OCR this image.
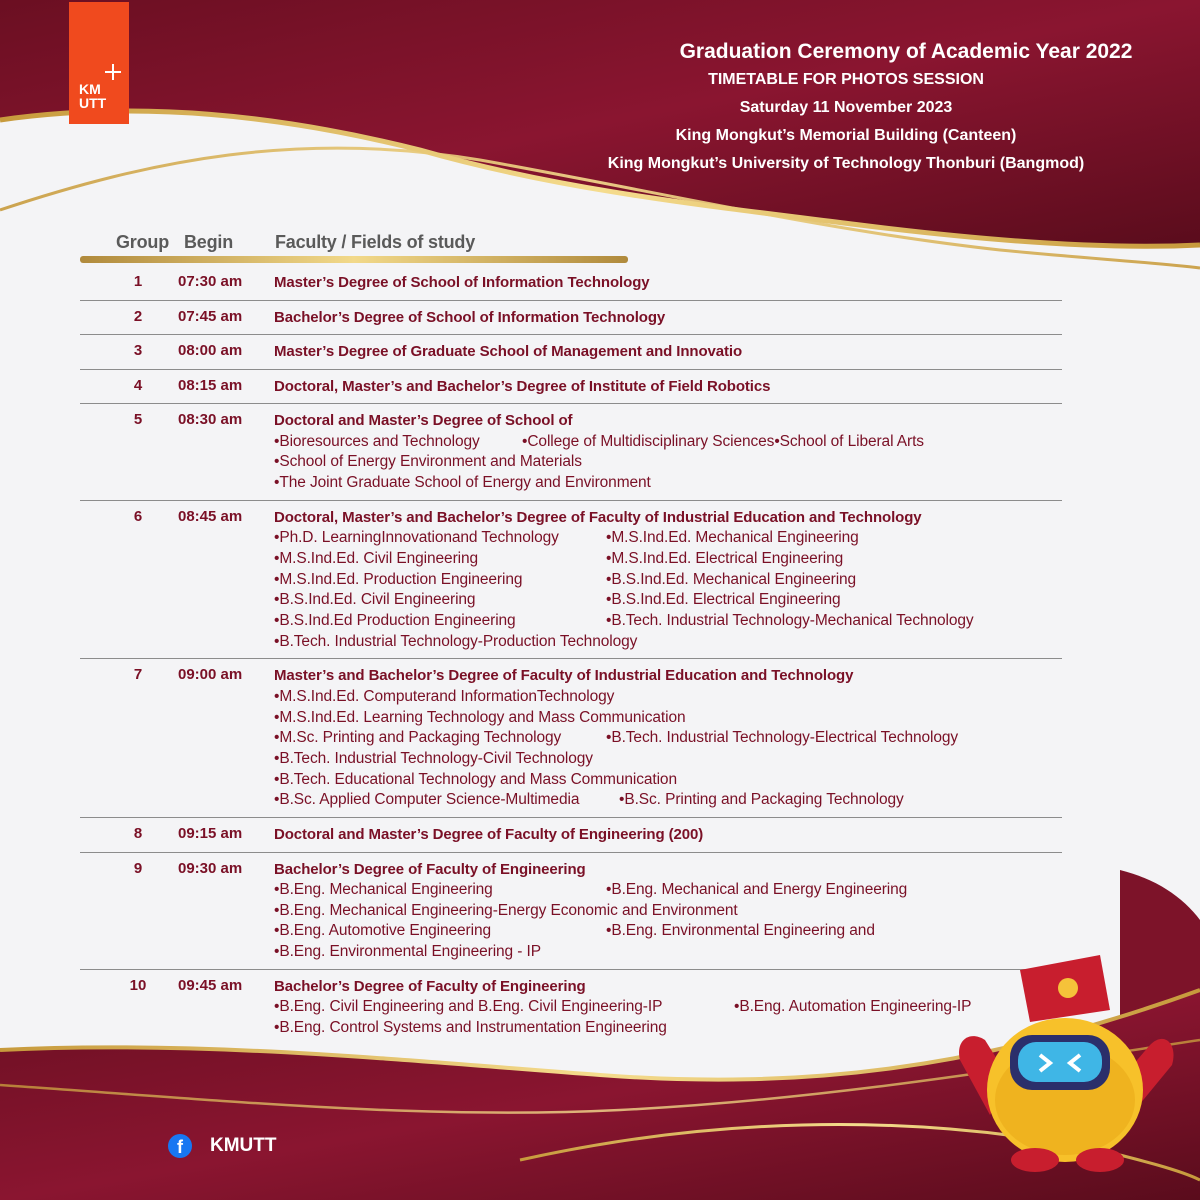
KM
UTT
Graduation Ceremony of Academic Year 2022
TIMETABLE FOR PHOTOS SESSION
Saturday 11 November 2023
King Mongkut’s Memorial Building (Canteen)
King Mongkut’s University of Technology Thonburi (Bangmod)
Group Begin Faculty / Fields of study
1	07:30 am Master’s Degree of School of Information Technology
2	07:45 am Bachelor’s Degree of School of Information Technology
3	08:00 am Master’s Degree of Graduate School of Management and Innovatio
4	08:15 am Doctoral, Master’s and Bachelor’s Degree of Institute of Field Robotics
5	08:30 am Doctoral and Master’s Degree of School of
• Bioresources and Technology	• College of Multidisciplinary Sciences • School of Liberal Arts
• School of Energy Environment and Materials
• The Joint Graduate School of Energy and Environment
6	08:45 am Doctoral, Master’s and Bachelor’s Degree of Faculty of Industrial Education and Technology
• Ph.D. LearningInnovationand Technology	• M.S.Ind.Ed. Mechanical Engineering
• M.S.Ind.Ed. Civil Engineering	• M.S.Ind.Ed. Electrical Engineering
• M.S.Ind.Ed. Production Engineering	• B.S.Ind.Ed. Mechanical Engineering
• B.S.Ind.Ed. Civil Engineering	• B.S.Ind.Ed. Electrical Engineering
• B.S.Ind.Ed Production Engineering	• B.Tech. Industrial Technology-Mechanical Technology
• B.Tech. Industrial Technology-Production Technology
7	09:00 am Master’s and Bachelor’s Degree of Faculty of Industrial Education and Technology
• M.S.Ind.Ed. Computerand InformationTechnology
• M.S.Ind.Ed. Learning Technology and Mass Communication
• M.Sc. Printing and Packaging Technology	• B.Tech. Industrial Technology-Electrical Technology
• B.Tech. Industrial Technology-Civil Technology
• B.Tech. Educational Technology and Mass Communication
• B.Sc. Applied Computer Science-Multimedia	• B.Sc. Printing and Packaging Technology
8	09:15 am Doctoral and Master’s Degree of Faculty of Engineering (200)
9	09:30 am Bachelor’s Degree of Faculty of Engineering
• B.Eng. Mechanical Engineering	• B.Eng. Mechanical and Energy Engineering
• B.Eng. Mechanical Engineering-Energy Economic and Environment
• B.Eng. Automotive Engineering	• B.Eng. Environmental Engineering and
• B.Eng. Environmental Engineering - IP
10	09:45 am Bachelor’s Degree of Faculty of Engineering
• B.Eng. Civil Engineering and B.Eng. Civil Engineering-IP	• B.Eng. Automation Engineering-IP
• B.Eng. Control Systems and Instrumentation Engineering
f	KMUTT
